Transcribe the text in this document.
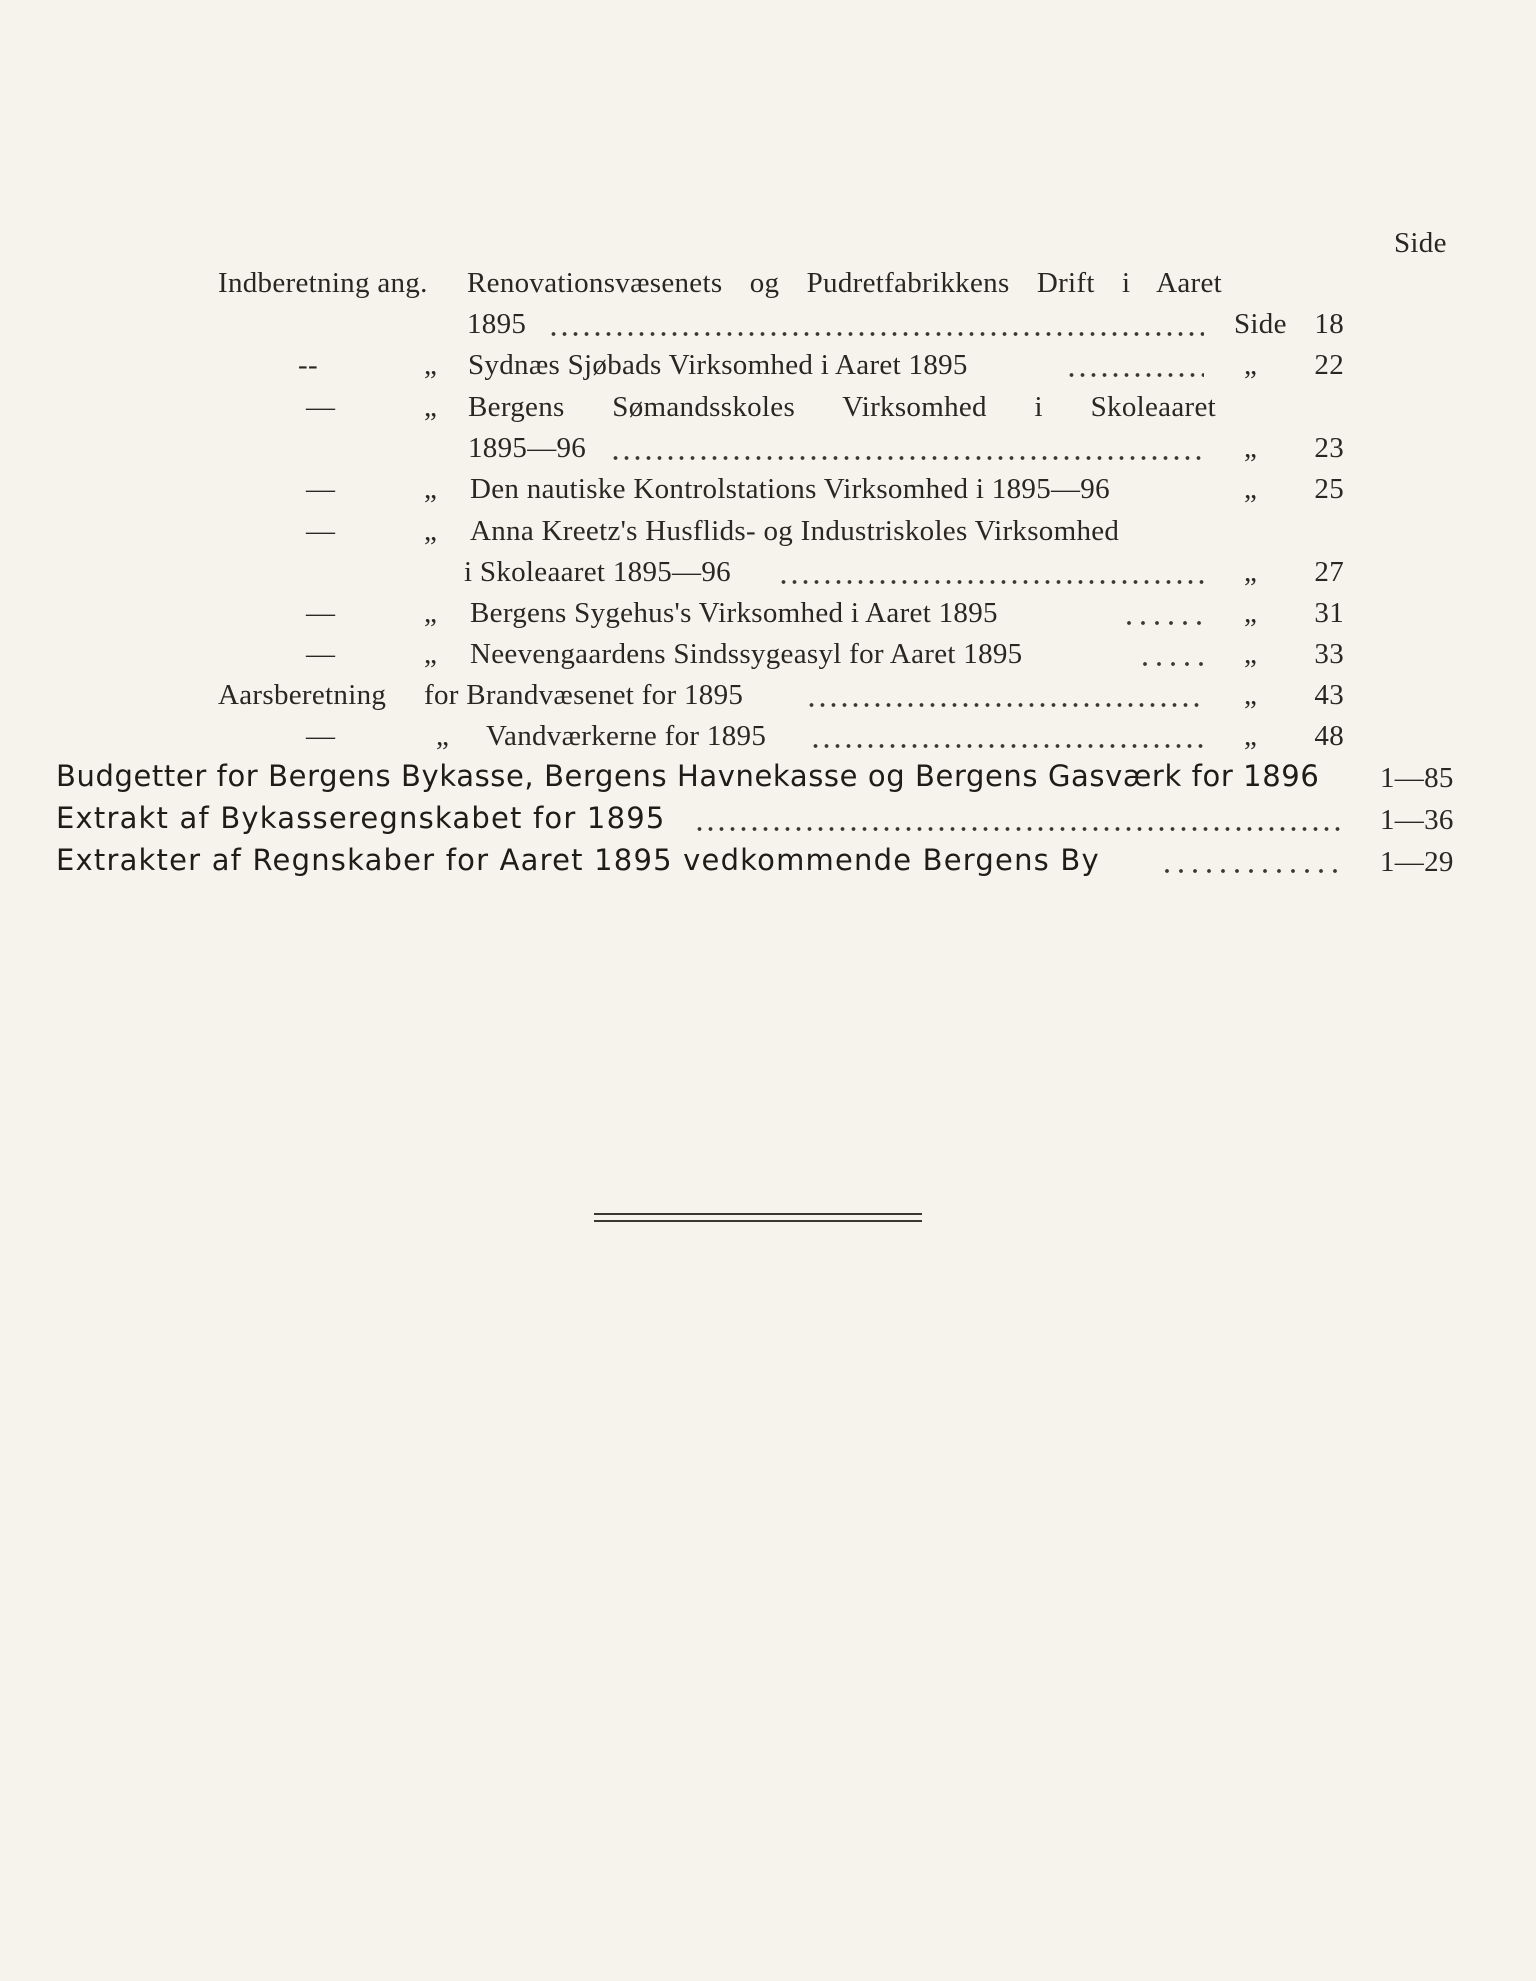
Side
Indberetning ang. Renovationsvæsenets og Pudretfabrikkens Drift i Aaret
1895	Side 18
--	„ Sydnæs Sjøbads Virksomhed i Aaret 1895	„	22
—	„ Bergens Sømandsskoles Virksomhed i Skoleaaret
1895—96	„	23
—	„ Den nautiske Kontrolstations Virksomhed i 1895—96	„	25
—	„ Anna Kreetz's Husflids- og Industriskoles Virksomhed
i Skoleaaret 1895—96	„	27
—	„ Bergens Sygehus's Virksomhed i Aaret 1895	„	31
—	„ Neevengaardens Sindssygeasyl for Aaret 1895	„	33
Aarsberetning for Brandvæsenet for 1895	„	43
—	„ Vandværkerne for 1895	„	48
Budgetter for Bergens Bykasse, Bergens Havnekasse og Bergens Gasværk for 1896 1—85
Extrakt af Bykasseregnskabet for 1895	1—36
Extrakter af Regnskaber for Aaret 1895 vedkommende Bergens By	1—29
